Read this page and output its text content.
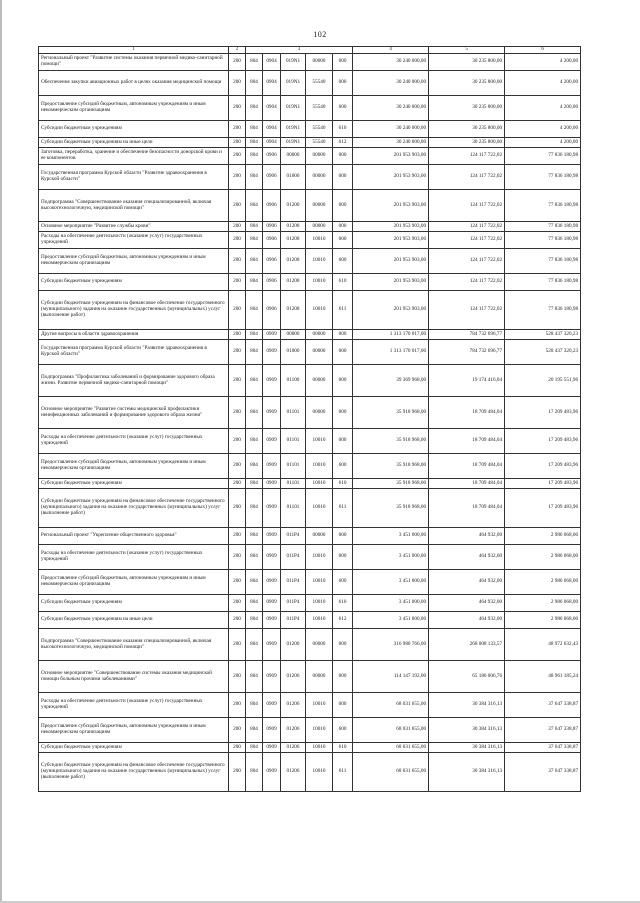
102
1	2	3					4	5	6
Региональный проект "Развитие системы оказания первичной медико-санитарной помощи"	200	804	0904	019N1	00000	000	30 240 000,00	30 235 800,00	4 200,00
Обеспечение закупки авиационных работ в целях оказания медицинской помощи	200	804	0904	019N1	55540	000	30 240 000,00	30 235 800,00	4 200,00
Предоставление субсидий бюджетным, автономным учреждениям и иным некоммерческим организациям	200	804	0904	019N1	55540	600	30 240 000,00	30 235 800,00	4 200,00
Субсидии бюджетным учреждениям	200	804	0904	019N1	55540	610	30 240 000,00	30 235 800,00	4 200,00
Субсидии бюджетным учреждениям на иные цели	200	804	0904	019N1	55540	612	30 240 000,00	30 235 800,00	4 200,00
Заготовка, переработка, хранение и обеспечение безопасности донорской крови и ее компонентов	200	804	0906	00000	00000	000	201 953 903,00	124 117 722,02	77 836 180,98
Государственная программа Курской области "Развитие здравоохранения в Курской области"	200	804	0906	01000	00000	000	201 953 903,00	124 117 722,02	77 836 180,98
Подпрограмма "Совершенствование оказания специализированной, включая высокотехнологичную, медицинской помощи"	200	804	0906	01200	00000	000	201 953 903,00	124 117 722,02	77 836 180,98
Основное мероприятие "Развитие службы крови"	200	804	0906	01208	00000	000	201 953 903,00	124 117 722,02	77 836 180,98
Расходы на обеспечение деятельности (оказание услуг) государственных учреждений	200	804	0906	01208	10010	000	201 953 903,00	124 117 722,02	77 836 180,98
Предоставление субсидий бюджетным, автономным учреждениям и иным некоммерческим организациям	200	804	0906	01208	10010	600	201 953 903,00	124 117 722,02	77 836 180,98
Субсидии бюджетным учреждениям	200	804	0906	01208	10010	610	201 953 903,00	124 117 722,02	77 836 180,98
Субсидии бюджетным учреждениям на финансовое обеспечение государственного (муниципального) задания на оказание государственных (муниципальных) услуг (выполнение работ)	200	804	0906	01208	10010	611	201 953 903,00	124 117 722,02	77 836 180,98
Другие вопросы в области здравоохранения	200	804	0909	00000	00000	000	1 313 170 017,00	784 732 696,77	528 437 320,23
Государственная программа Курской области "Развитие здравоохранения в Курской области"	200	804	0909	01000	00000	000	1 313 170 017,00	784 732 696,77	528 437 320,23
Подпрограмма "Профилактика заболеваний и формирование здорового образа жизни. Развитие первичной медико-санитарной помощи"	200	804	0909	01100	00000	000	39 369 968,00	19 174 416,04	20 195 551,96
Основное мероприятие "Развитие системы медицинской профилактики неинфекционных заболеваний и формирование здорового образа жизни"	200	804	0909	01101	00000	000	35 918 968,00	18 709 484,04	17 209 483,96
Расходы на обеспечение деятельности (оказание услуг) государственных учреждений	200	804	0909	01101	10010	000	35 918 968,00	18 709 484,04	17 209 483,96
Предоставление субсидий бюджетным, автономным учреждениям и иным некоммерческим организациям	200	804	0909	01101	10010	600	35 918 968,00	18 709 484,04	17 209 483,96
Субсидии бюджетным учреждениям	200	804	0909	01101	10010	610	35 918 968,00	18 709 484,04	17 209 483,96
Субсидии бюджетным учреждениям на финансовое обеспечение государственного (муниципального) задания на оказание государственных (муниципальных) услуг (выполнение работ)	200	804	0909	01101	10010	611	35 918 968,00	18 709 484,04	17 209 483,96
Региональный проект "Укрепление общественного здоровья"	200	804	0909	011P4	00000	000	3 451 000,00	464 932,00	2 986 068,00
Расходы на обеспечение деятельности (оказание услуг) государственных учреждений	200	804	0909	011P4	10010	000	3 451 000,00	464 932,00	2 986 068,00
Предоставление субсидий бюджетным, автономным учреждениям и иным некоммерческим организациям	200	804	0909	011P4	10010	600	3 451 000,00	464 932,00	2 986 068,00
Субсидии бюджетным учреждениям	200	804	0909	011P4	10010	610	3 451 000,00	464 932,00	2 986 068,00
Субсидии бюджетным учреждениям на иные цели	200	804	0909	011P4	10010	612	3 451 000,00	464 932,00	2 986 068,00
Подпрограмма "Совершенствование оказания специализированной, включая высокотехнологичную, медицинской помощи"	200	804	0909	01200	00000	000	316 980 766,00	268 008 133,57	48 972 632,43
Основное мероприятие "Совершенствование системы оказания медицинской помощи больным прочими заболеваниями"	200	804	0909	01206	00000	000	114 147 192,00	65 186 006,76	48 961 185,24
Расходы на обеспечение деятельности (оказание услуг) государственных учреждений	200	804	0909	01206	10010	000	68 031 655,00	30 384 316,13	37 647 338,87
Предоставление субсидий бюджетным, автономным учреждениям и иным некоммерческим организациям	200	804	0909	01206	10010	600	68 031 655,00	30 384 316,13	37 647 338,87
Субсидии бюджетным учреждениям	200	804	0909	01206	10010	610	68 031 655,00	30 384 316,13	37 647 338,87
Субсидии бюджетным учреждениям на финансовое обеспечение государственного (муниципального) задания на оказание государственных (муниципальных) услуг (выполнение работ)	200	804	0909	01206	10010	611	68 031 655,00	30 384 316,13	37 647 338,87
